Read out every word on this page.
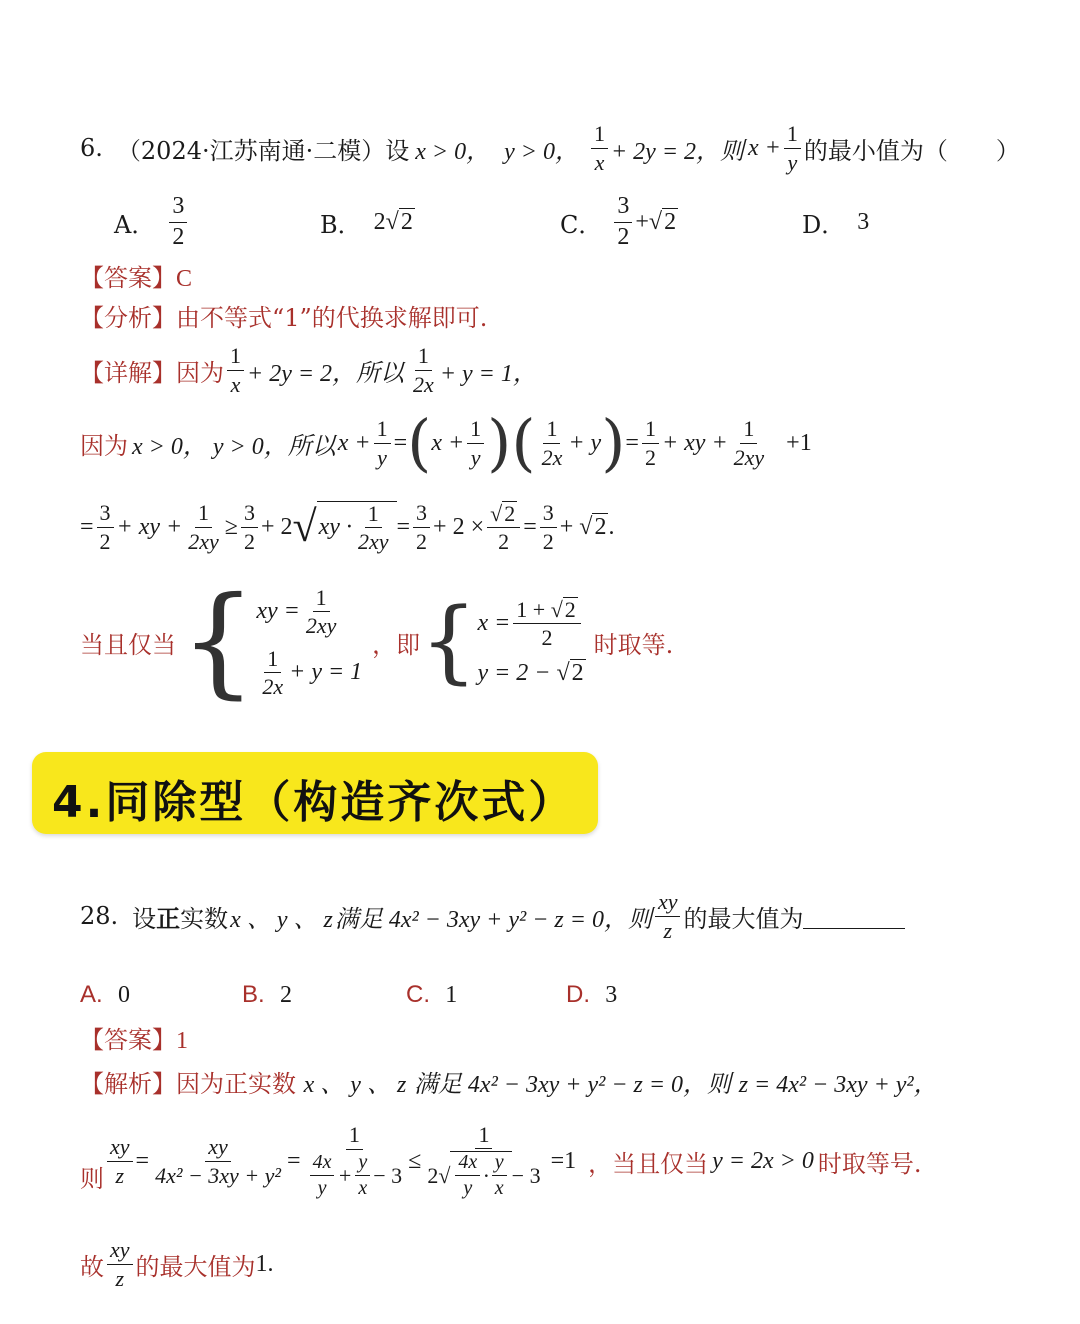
6. （2024·江苏南通·二模）设 x > 0， y > 0， $\frac{1}{x} + 2y = 2$，则 $x + \frac{1}{y}$ 的最小值为（　　）
A． $\frac{3}{2}$	B． 2√2	C． $\frac{3}{2} + √2$	D． 3
【答案】C
【分析】由不等式“1”的代换求解即可.
【详解】 因为 $\frac{1}{x} + 2y = 2$，所以 $\frac{1}{2x} + y = 1$，
因为 x > 0， y > 0，所以 $x + \frac{1}{y}$ = ( $x + \frac{1}{y}$ )( $\frac{1}{2x} + y$ ) = $\frac{1}{2}$ + xy + $\frac{1}{2xy} +1$
= $\frac{3}{2}$ + xy + $\frac{1}{2xy} \ge \frac{3}{2} + 2$ √ xy · $\frac{1}{2xy} = \frac{3}{2} + 2 \times \frac{√2}{2} = \frac{3}{2} + √2$ .
当且仅当 { xy = $\frac{1}{2xy}$
$\frac{1}{2x} + y = 1$
，即 { $x = \frac{1 + √2}{2}$
y = 2 − √2
时取等.
4.同除型（构造齐次式）
28. 设 正 实数 x 、 y 、 z 满足 4x² − 3xy + y² − z = 0，则 $\frac{xy}{z}$ 的最大值为
A. 0	B. 2	C. 1	D. 3
【答案】1
【解析】因为正实数 x 、 y 、 z 满足 4x² − 3xy + y² − z = 0，则 z = 4x² − 3xy + y²，
则 $\frac{xy}{z} = \frac{xy}{\text{4x² − 3xy + y²}} = \frac{1}{\frac{4x}{y} + \frac{y}{x} - 3} \le \frac{1}{2√ \frac{4x}{y} \cdot \frac{y}{x} - 3} =1$ ，当且仅当 y = 2x > 0 时取等号.
故 $\frac{xy}{z}$ 的最大值为 1.
